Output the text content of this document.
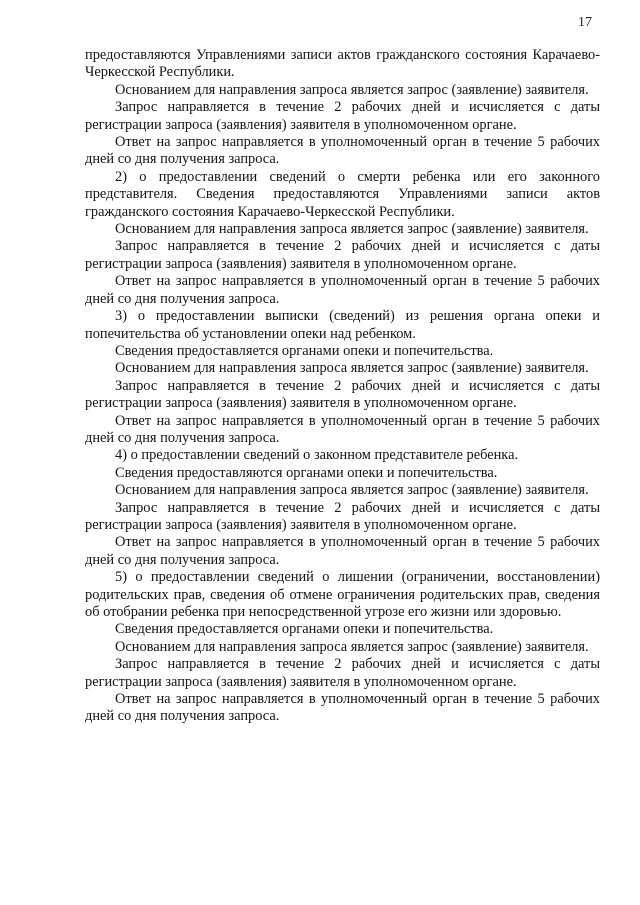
17

предоставляются Управлениями записи актов гражданского состояния Карачаево-Черкесской Республики.

Основанием для направления запроса является запрос (заявление) заявителя.

Запрос направляется в течение 2 рабочих дней и исчисляется с даты регистрации запроса (заявления) заявителя в уполномоченном органе.

Ответ на запрос направляется в уполномоченный орган в течение 5 рабочих дней со дня получения запроса.

2) о предоставлении сведений о смерти ребенка или его законного представителя. Сведения предоставляются Управлениями записи актов гражданского состояния Карачаево-Черкесской Республики.

Основанием для направления запроса является запрос (заявление) заявителя.

Запрос направляется в течение 2 рабочих дней и исчисляется с даты регистрации запроса (заявления) заявителя в уполномоченном органе.

Ответ на запрос направляется в уполномоченный орган в течение 5 рабочих дней со дня получения запроса.

3) о предоставлении выписки (сведений) из решения органа опеки и попечительства об установлении опеки над ребенком.

Сведения предоставляется органами опеки и попечительства.

Основанием для направления запроса является запрос (заявление) заявителя.

Запрос направляется в течение 2 рабочих дней и исчисляется с даты регистрации запроса (заявления) заявителя в уполномоченном органе.

Ответ на запрос направляется в уполномоченный орган в течение 5 рабочих дней со дня получения запроса.

4) о предоставлении сведений о законном представителе ребенка.

Сведения предоставляются органами опеки и попечительства.

Основанием для направления запроса является запрос (заявление) заявителя.

Запрос направляется в течение 2 рабочих дней и исчисляется с даты регистрации запроса (заявления) заявителя в уполномоченном органе.

Ответ на запрос направляется в уполномоченный орган в течение 5 рабочих дней со дня получения запроса.

5) о предоставлении сведений о лишении (ограничении, восстановлении) родительских прав, сведения об отмене ограничения родительских прав, сведения об отобрании ребенка при непосредственной угрозе его жизни или здоровью.

Сведения предоставляется органами опеки и попечительства.

Основанием для направления запроса является запрос (заявление) заявителя.

Запрос направляется в течение 2 рабочих дней и исчисляется с даты регистрации запроса (заявления) заявителя в уполномоченном органе.

Ответ на запрос направляется в уполномоченный орган в течение 5 рабочих дней со дня получения запроса.
